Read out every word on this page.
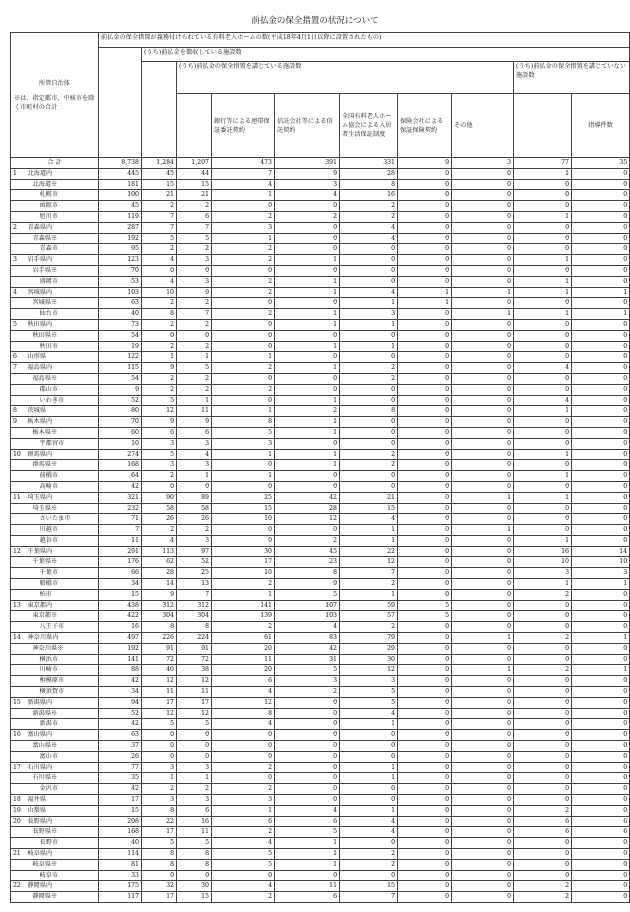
前払金の保全措置の状況について
所管自治体
※は、指定都市、中核市を除く市町村の合計		前払金の保全措置が義務付けられている有料老人ホームの数(平成18年4月1日以降に設置されたもの)									
			(うち)前払金を徴収している施設数								
				(うち)前払金の保全措置を講じている施設数						(うち)前払金の保全措置を講じていない施設数	
					銀行等による連帯保証委託契約	信託会社等による信託契約	全国有料老人ホーム協会による入居者生活保証制度	保険会社による保証保険契約	その他		指導件数
合 計		8,738	1,284	1,207	473	391	331	9	3	77	35
1	北海道内	445	45	44	7	9	28	0	0	1	0
	北海道※	181	15	15	4	3	8	0	0	0	0
	札幌市	100	21	21	1	4	16	0	0	0	0
	函館市	45	2	2	0	0	2	0	0	0	0
	旭川市	119	7	6	2	2	2	0	0	1	0
2	青森県内	287	7	7	3	0	4	0	0	0	0
	青森県※	192	5	5	1	0	4	0	0	0	0
	青森市	95	2	2	2	0	0	0	0	0	0
3	岩手県内	123	4	3	2	1	0	0	0	1	0
	岩手県※	70	0	0	0	0	0	0	0	0	0
	盛岡市	53	4	3	2	1	0	0	0	1	0
4	宮城県内	103	10	9	2	1	4	1	1	1	1
	宮城県※	63	2	2	0	0	1	1	0	0	0
	仙台市	40	8	7	2	1	3	0	1	1	1
5	秋田県内	73	2	2	0	1	1	0	0	0	0
	秋田県※	54	0	0	0	0	0	0	0	0	0
	秋田市	19	2	2	0	1	1	0	0	0	0
6	山形県	122	1	1	1	0	0	0	0	0	0
7	福島県内	115	9	5	2	1	2	0	0	4	0
	福島県※	54	2	2	0	0	2	0	0	0	0
	郡山市	9	2	2	2	0	0	0	0	0	0
	いわき市	52	5	1	0	1	0	0	0	4	0
8	茨城県	80	12	11	1	2	8	0	0	1	0
9	栃木県内	70	9	9	8	1	0	0	0	0	0
	栃木県※	60	6	6	5	1	0	0	0	0	0
	宇都宮市	10	3	3	3	0	0	0	0	0	0
10	群馬県内	274	5	4	1	1	2	0	0	1	0
	群馬県※	168	3	3	0	1	2	0	0	0	0
	前橋市	64	2	1	1	0	0	0	0	1	0
	高崎市	42	0	0	0	0	0	0	0	0	0
11	埼玉県内	321	90	89	25	42	21	0	1	1	0
	埼玉県※	232	58	58	15	28	15	0	0	0	0
	さいたま市	71	26	26	10	12	4	0	0	0	0
	川越市	7	2	2	0	0	1	0	1	0	0
	越谷市	11	4	3	0	2	1	0	0	1	0
12	千葉県内	291	113	97	30	45	22	0	0	16	14
	千葉県※	176	62	52	17	23	12	0	0	10	10
	千葉市	66	28	25	10	8	7	0	0	3	3
	船橋市	34	14	13	2	9	2	0	0	1	1
	柏市	15	9	7	1	5	1	0	0	2	0
13	東京都内	438	312	312	141	107	59	5	0	0	0
	東京都※	422	304	304	139	103	57	5	0	0	0
	八王子市	16	8	8	2	4	2	0	0	0	0
14	神奈川県内	497	226	224	61	83	79	0	1	2	1
	神奈川県※	192	91	91	20	42	29	0	0	0	0
	横浜市	141	72	72	11	31	30	0	0	0	0
	川崎市	88	40	38	20	5	12	0	1	2	1
	相模原市	42	12	12	6	3	3	0	0	0	0
	横須賀市	34	11	11	4	2	5	0	0	0	0
15	新潟県内	94	17	17	12	0	5	0	0	0	0
	新潟県※	52	12	12	8	0	4	0	0	0	0
	新潟市	42	5	5	4	0	1	0	0	0	0
16	富山県内	63	0	0	0	0	0	0	0	0	0
	富山県※	37	0	0	0	0	0	0	0	0	0
	富山市	26	0	0	0	0	0	0	0	0	0
17	石川県内	77	3	3	2	0	1	0	0	0	0
	石川県※	35	1	1	0	0	1	0	0	0	0
	金沢市	42	2	2	2	0	0	0	0	0	0
18	福井県	17	3	3	3	0	0	0	0	0	0
19	山梨県	15	8	6	1	4	1	0	0	2	0
20	長野県内	208	22	16	6	6	4	0	0	6	6
	長野県※	168	17	11	2	5	4	0	0	6	6
	長野市	40	5	5	4	1	0	0	0	0	0
21	岐阜県内	114	8	8	5	1	2	0	0	0	0
	岐阜県※	81	8	8	5	1	2	0	0	0	0
	岐阜市	33	0	0	0	0	0	0	0	0	0
22	静岡県内	175	32	30	4	11	15	0	0	2	0
	静岡県※	117	17	15	2	6	7	0	0	2	0
